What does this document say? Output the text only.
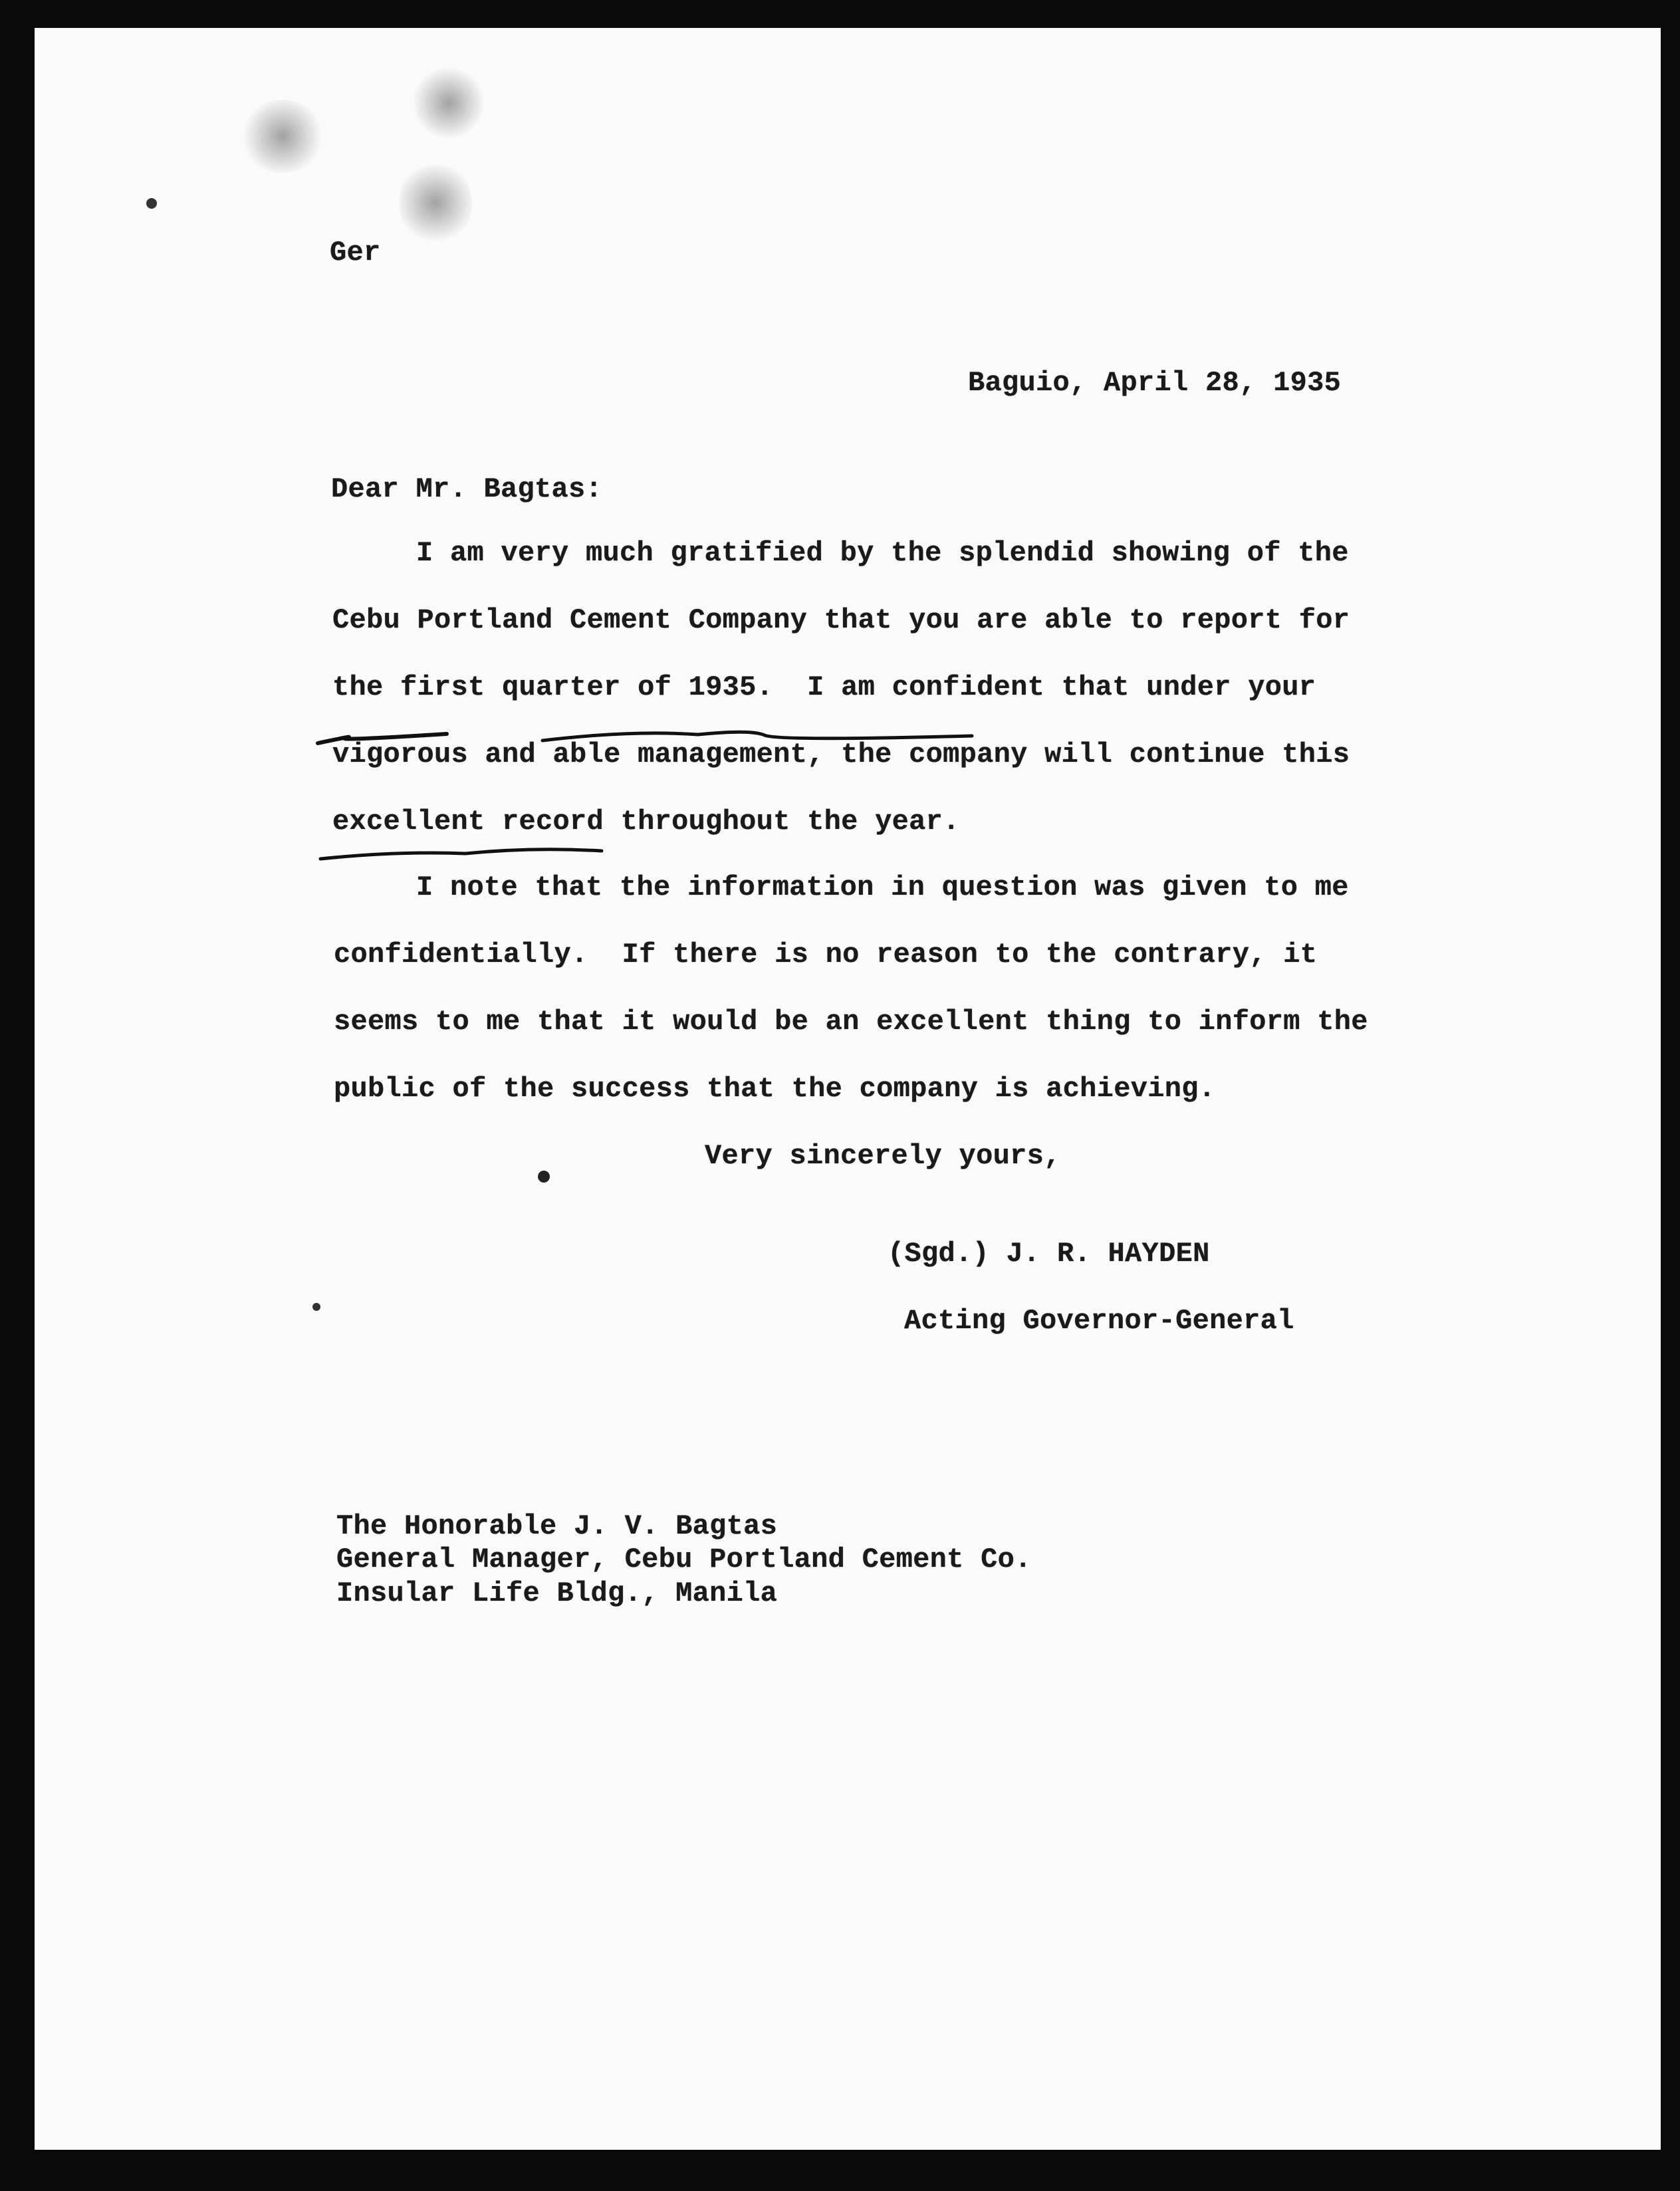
Ger
Baguio, April 28, 1935
Dear Mr. Bagtas:
I am very much gratified by the splendid showing of the
Cebu Portland Cement Company that you are able to report for
the first quarter of 1935.  I am confident that under your
vigorous and able management, the company will continue this
excellent record throughout the year.
I note that the information in question was given to me
confidentially.  If there is no reason to the contrary, it
seems to me that it would be an excellent thing to inform the
public of the success that the company is achieving.
Very sincerely yours,
(Sgd.) J. R. HAYDEN
Acting Governor-General
The Honorable J. V. Bagtas
General Manager, Cebu Portland Cement Co.
Insular Life Bldg., Manila
